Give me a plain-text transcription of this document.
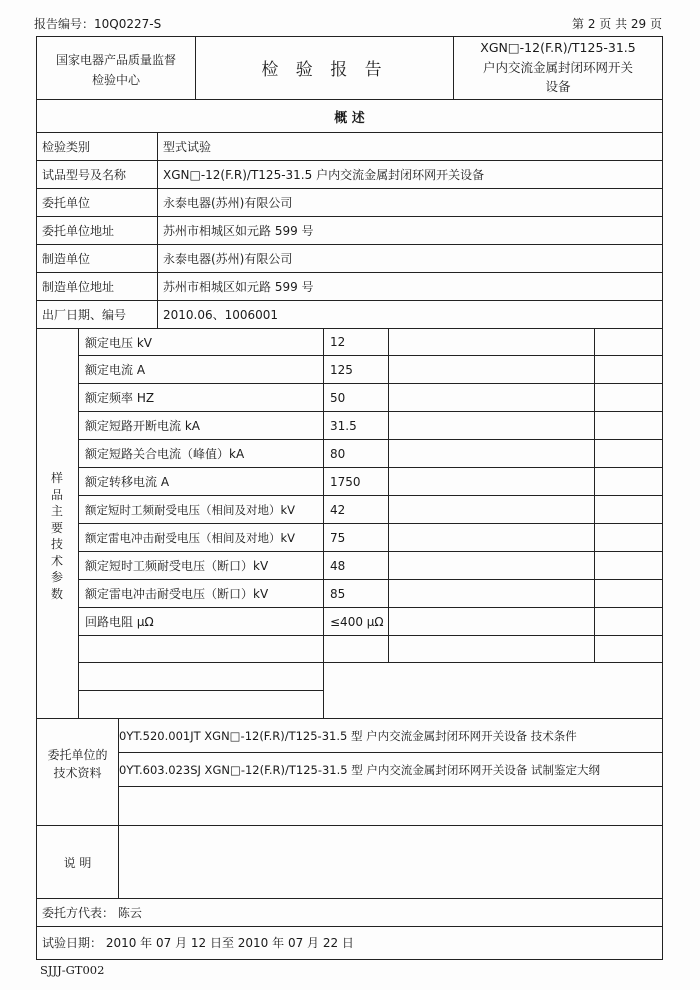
报告编号：10Q0227-S	第 2 页 共 29 页
国家电器产品质量监督
检验中心	检 验 报 告
XGN□-12(F.R)/T125-31.5
户内交流金属封闭环网开关
设备
概 述
检验类别	型式试验
试品型号及名称	XGN□-12(F.R)/T125-31.5 户内交流金属封闭环网开关设备
委托单位	永泰电器(苏州)有限公司
委托单位地址	苏州市相城区如元路 599 号
制造单位	永泰电器(苏州)有限公司
制造单位地址	苏州市相城区如元路 599 号
出厂日期、编号	2010.06、1006001
样品主要技术参数
额定电压 kV	12
额定电流 A	125
额定频率 HZ	50
额定短路开断电流 kA	31.5
额定短路关合电流（峰值）kA	80
额定转移电流 A	1750
额定短时工频耐受电压（相间及对地）kV	42
额定雷电冲击耐受电压（相间及对地）kV	75
额定短时工频耐受电压（断口）kV	48
额定雷电冲击耐受电压（断口）kV	85
回路电阻 μΩ	≤400 μΩ
委托单位的
技术资料
0YT.520.001JT XGN□-12(F.R)/T125-31.5 型 户内交流金属封闭环网开关设备 技术条件
0YT.603.023SJ XGN□-12(F.R)/T125-31.5 型 户内交流金属封闭环网开关设备 试制鉴定大纲
说 明
委托方代表： 陈云
试验日期： 2010 年 07 月 12 日至 2010 年 07 月 22 日
SJJJ-GT002
